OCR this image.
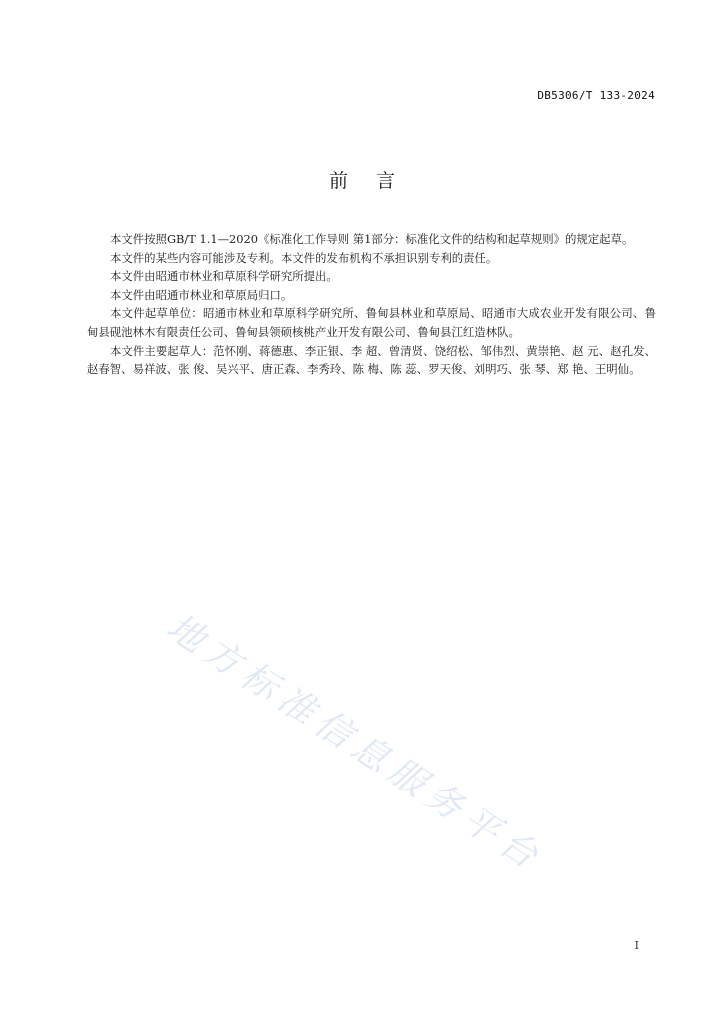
DB5306/T 133-2024
前言

本文件按照GB/T 1.1—2020《标准化工作导则 第1部分：标准化文件的结构和起草规则》的规定起草。

本文件的某些内容可能涉及专利。本文件的发布机构不承担识别专利的责任。

本文件由昭通市林业和草原科学研究所提出。

本文件由昭通市林业和草原局归口。

本文件起草单位：昭通市林业和草原科学研究所、鲁甸县林业和草原局、昭通市大成农业开发有限公司、鲁甸县砚池林木有限责任公司、鲁甸县领硕核桃产业开发有限公司、鲁甸县江红造林队。

本文件主要起草人：范怀刚、蒋德惠、李正银、李 超、曾清贤、饶绍松、邹伟烈、黄崇艳、赵 元、赵孔发、赵春智、易祥波、张 俊、吴兴平、唐正森、李秀玲、陈 梅、陈 蕊、罗天俊、刘明巧、张 琴、郑 艳、王明仙。

地方标准信息服务平台
I
